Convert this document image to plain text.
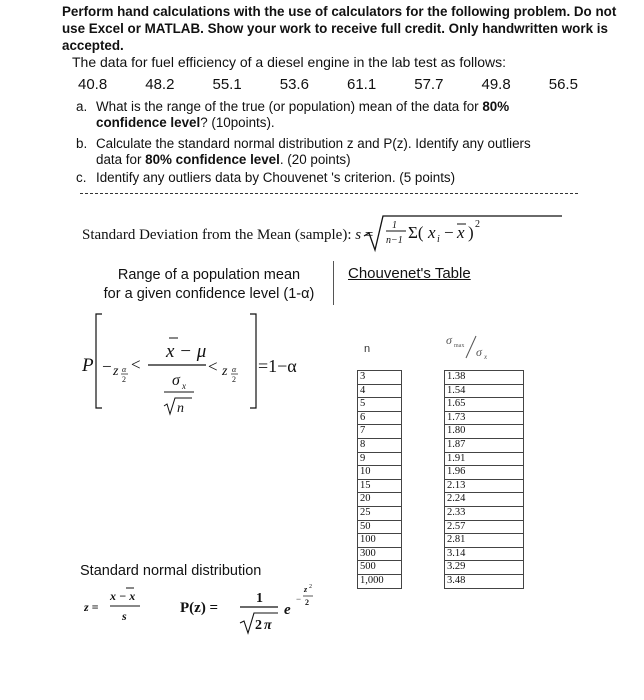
Perform hand calculations with the use of calculators for the following problem. Do not
use Excel or MATLAB. Show your work to receive full credit. Only handwritten work is
accepted.
The data for fuel efficiency of a diesel engine in the lab test as follows:
40.8	48.2	55.1	53.6	61.1	57.7	49.8	56.5
a. What is the range of the true (or population) mean of the data for 80%
confidence level? (10points).
b. Calculate the standard normal distribution z and P(z). Identify any outliers
data for 80% confidence level. (20 points)
c. Identify any outliers data by Chouvenet 's criterion. (5 points)
Standard Deviation from the Mean (sample): s =
1
n−1 Σ( x i − x ) 2
Range of a population mean
for a given confidence level (1-α)
Chouvenet's Table
P − z α
2
<
x − μ
σ x
n
< z α
2
=1−α
n
σ max σ x
3		1.38
4		1.54
5		1.65
6		1.73
7		1.80
8		1.87
9		1.91
10		1.96
15		2.13
20		2.24
25		2.33
50		2.57
100		2.81
300		3.14
500		3.29
1,000		3.48
Standard normal distribution
z =
x − x
s	P(z) =
1
2 π
e
−
z 2
2
